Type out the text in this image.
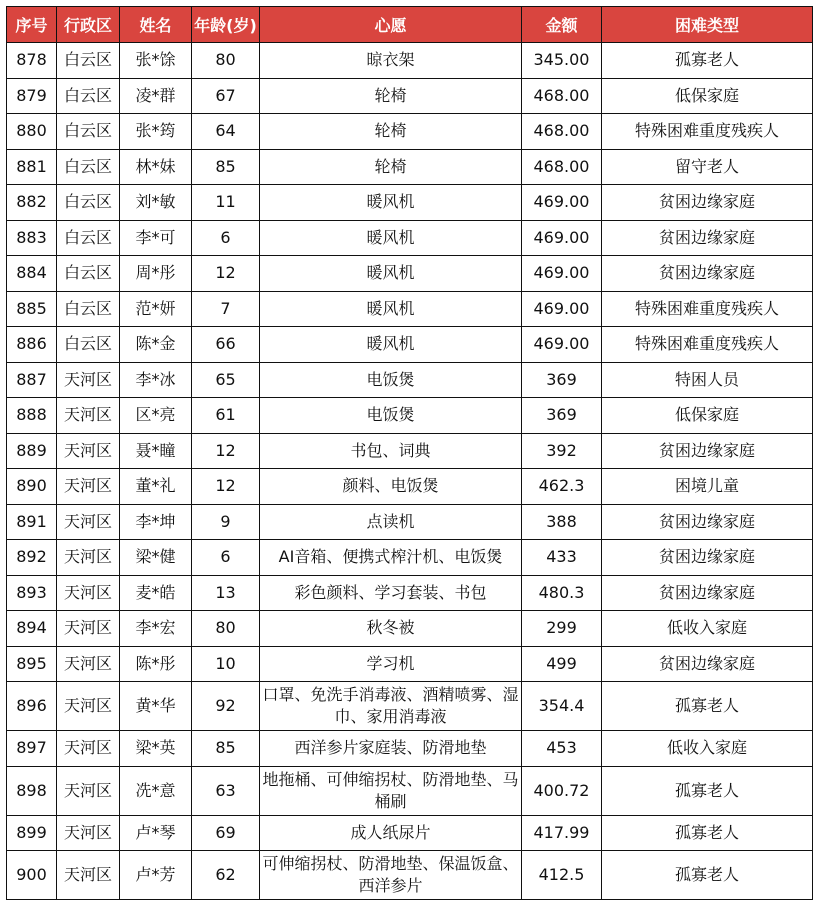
序号	行政区	姓名	年龄(岁)	心愿	金额	困难类型
878	白云区	张*馀	80	晾衣架	345.00	孤寡老人
879	白云区	凌*群	67	轮椅	468.00	低保家庭
880	白云区	张*筠	64	轮椅	468.00	特殊困难重度残疾人
881	白云区	林*妹	85	轮椅	468.00	留守老人
882	白云区	刘*敏	11	暖风机	469.00	贫困边缘家庭
883	白云区	李*可	6	暖风机	469.00	贫困边缘家庭
884	白云区	周*彤	12	暖风机	469.00	贫困边缘家庭
885	白云区	范*妍	7	暖风机	469.00	特殊困难重度残疾人
886	白云区	陈*金	66	暖风机	469.00	特殊困难重度残疾人
887	天河区	李*冰	65	电饭煲	369	特困人员
888	天河区	区*亮	61	电饭煲	369	低保家庭
889	天河区	聂*瞳	12	书包、词典	392	贫困边缘家庭
890	天河区	董*礼	12	颜料、电饭煲	462.3	困境儿童
891	天河区	李*坤	9	点读机	388	贫困边缘家庭
892	天河区	梁*健	6	AI音箱、便携式榨汁机、电饭煲	433	贫困边缘家庭
893	天河区	麦*皓	13	彩色颜料、学习套装、书包	480.3	贫困边缘家庭
894	天河区	李*宏	80	秋冬被	299	低收入家庭
895	天河区	陈*彤	10	学习机	499	贫困边缘家庭
896	天河区	黄*华	92	口罩、免洗手消毒液、酒精喷雾、湿巾、家用消毒液	354.4	孤寡老人
897	天河区	梁*英	85	西洋参片家庭装、防滑地垫	453	低收入家庭
898	天河区	冼*意	63	地拖桶、可伸缩拐杖、防滑地垫、马桶刷	400.72	孤寡老人
899	天河区	卢*琴	69	成人纸尿片	417.99	孤寡老人
900	天河区	卢*芳	62	可伸缩拐杖、防滑地垫、保温饭盒、西洋参片	412.5	孤寡老人
